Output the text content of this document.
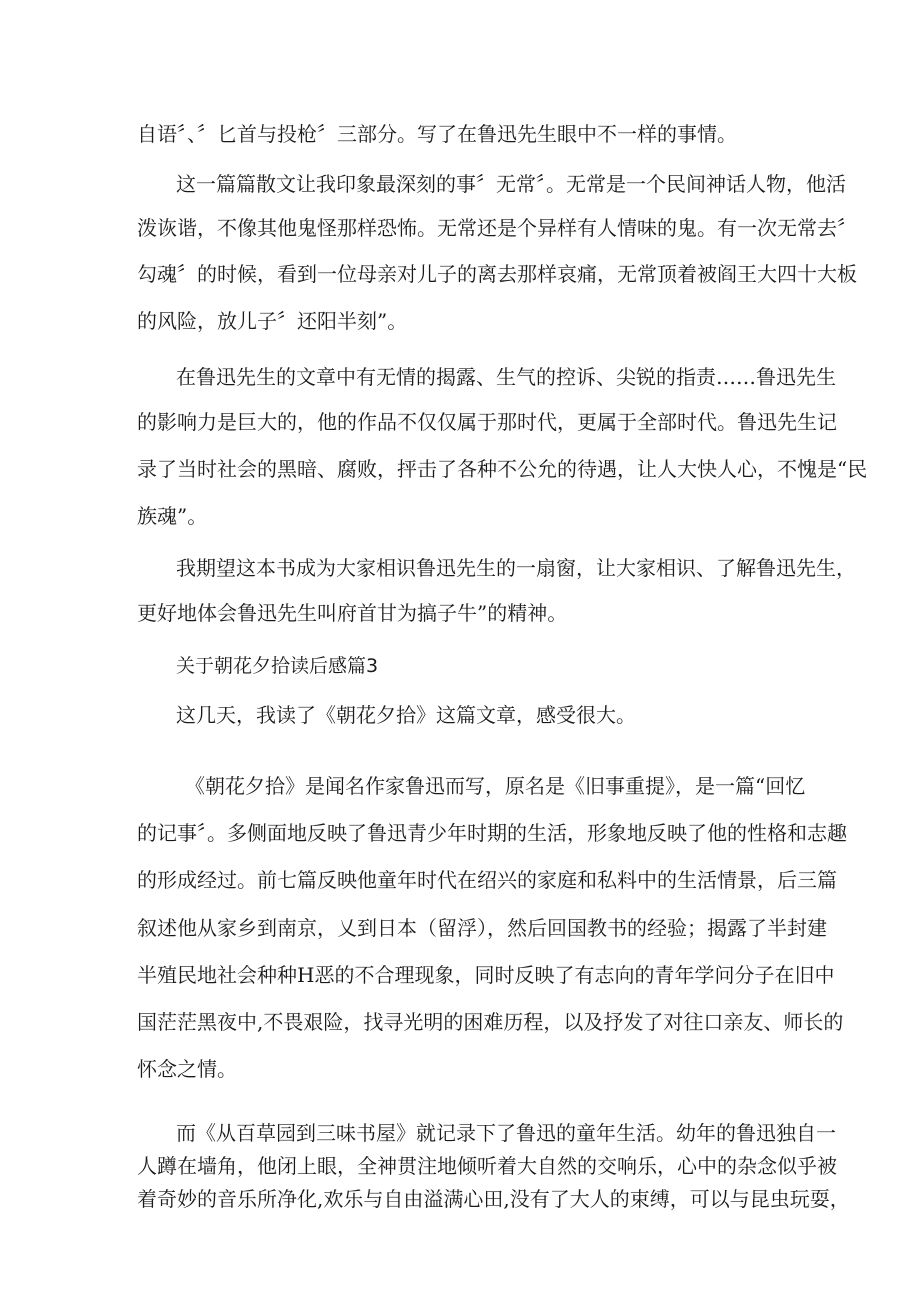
自语〞、〞匕首与投枪〞三部分。写了在鲁迅先生眼中不一样的事情。
这一篇篇散文让我印象最深刻的事〞无常〞。无常是一个民间神话人物，他活
泼诙谐，不像其他鬼怪那样恐怖。无常还是个异样有人情味的鬼。有一次无常去〞
勾魂〞的时候，看到一位母亲对儿子的离去那样哀痛，无常顶着被阎王大四十大板
的风险，放儿子〞还阳半刻”。
在鲁迅先生的文章中有无情的揭露、生气的控诉、尖锐的指责……鲁迅先生
的影响力是巨大的，他的作品不仅仅属于那时代，更属于全部时代。鲁迅先生记
录了当时社会的黑暗、腐败，抨击了各种不公允的待遇，让人大快人心，不愧是“民
族魂”。
我期望这本书成为大家相识鲁迅先生的一扇窗，让大家相识、了解鲁迅先生，
更好地体会鲁迅先生叫府首甘为搞子牛”的精神。
关于朝花夕拾读后感篇3
这几天，我读了《朝花夕拾》这篇文章，感受很大。
《朝花夕拾》是闻名作家鲁迅而写，原名是《旧事重提》，是一篇“回忆
的记事〞。多侧面地反映了鲁迅青少年时期的生活，形象地反映了他的性格和志趣
的形成经过。前七篇反映他童年时代在绍兴的家庭和私料中的生活情景，后三篇
叙述他从家乡到南京，乂到日本（留浮），然后回国教书的经验；揭露了半封建
半殖民地社会种种H恶的不合理现象，同时反映了有志向的青年学问分子在旧中
国茫茫黑夜中,不畏艰险，找寻光明的困难历程，以及抒发了对往口亲友、师长的
怀念之情。
而《从百草园到三味书屋》就记录下了鲁迅的童年生活。幼年的鲁迅独自一
人蹲在墙角，他闭上眼，全神贯注地倾听着大自然的交响乐，心中的杂念似乎被
着奇妙的音乐所净化,欢乐与自由溢满心田,没有了大人的束缚，可以与昆虫玩耍，
